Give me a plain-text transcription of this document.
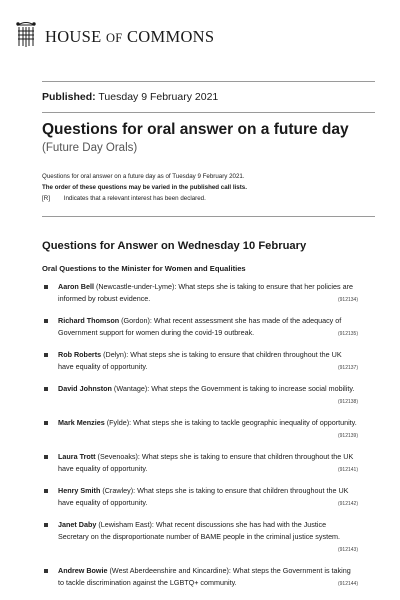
HOUSE OF COMMONS
Published: Tuesday 9 February 2021
Questions for oral answer on a future day
(Future Day Orals)
Questions for oral answer on a future day as of Tuesday 9 February 2021.
The order of these questions may be varied in the published call lists.
[R] Indicates that a relevant interest has been declared.
Questions for Answer on Wednesday 10 February
Oral Questions to the Minister for Women and Equalities
Aaron Bell (Newcastle-under-Lyme): What steps she is taking to ensure that her policies are informed by robust evidence.	(912134)
Richard Thomson (Gordon): What recent assessment she has made of the adequacy of Government support for women during the covid-19 outbreak.	(912135)
Rob Roberts (Delyn): What steps she is taking to ensure that children throughout the UK have equality of opportunity.	(912137)
David Johnston (Wantage): What steps the Government is taking to increase social mobility.
(912138)
Mark Menzies (Fylde): What steps she is taking to tackle geographic inequality of opportunity.
(912139)
Laura Trott (Sevenoaks): What steps she is taking to ensure that children throughout the UK have equality of opportunity.	(912141)
Henry Smith (Crawley): What steps she is taking to ensure that children throughout the UK have equality of opportunity.	(912142)
Janet Daby (Lewisham East): What recent discussions she has had with the Justice Secretary on the disproportionate number of BAME people in the criminal justice system.
(912143)
Andrew Bowie (West Aberdeenshire and Kincardine): What steps the Government is taking to tackle discrimination against the LGBTQ+ community.	(912144)
